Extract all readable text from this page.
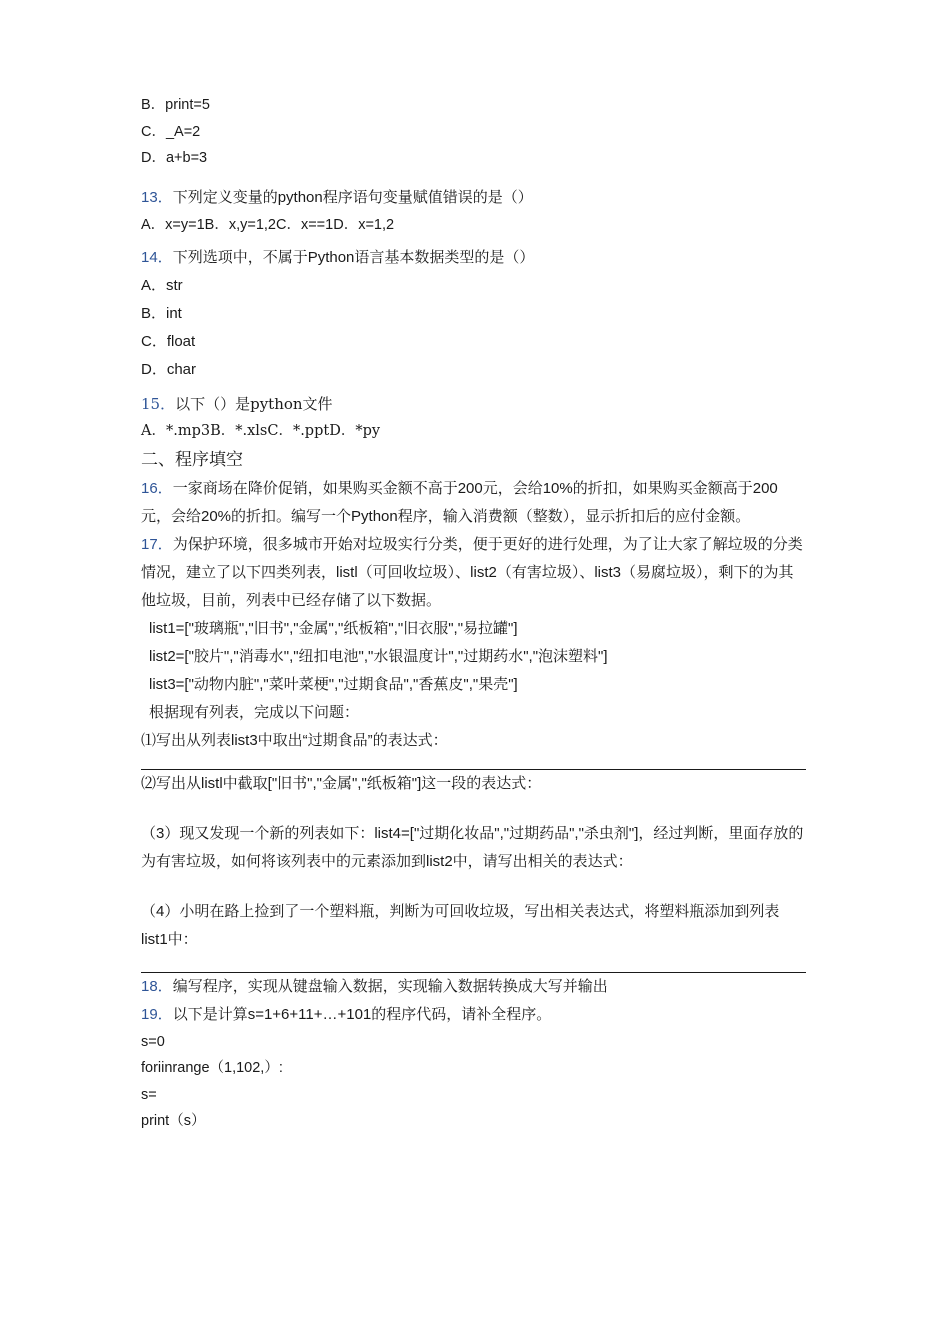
B．print=5
C．_A=2
D．a+b=3
13．下列定义变量的python程序语句变量赋值错误的是（）
A．x=y=1B．x,y=1,2C．x==1D．x=1,2
14．下列选项中，不属于Python语言基本数据类型的是（）
A．str
B．int
C．float
D．char
15．以下（）是python文件
A．*.mp3B．*.xlsC．*.pptD．*py
二、程序填空
16．一家商场在降价促销，如果购买金额不高于200元，会给10%的折扣，如果购买金额高于200元，会给20%的折扣。编写一个Python程序，输入消费额（整数），显示折扣后的应付金额。
17．为保护环境，很多城市开始对垃圾实行分类，便于更好的进行处理，为了让大家了解垃圾的分类情况，建立了以下四类列表，listl（可回收垃圾）、list2（有害垃圾）、list3（易腐垃圾），剩下的为其他垃圾，目前，列表中已经存储了以下数据。
list1=["玻璃瓶","旧书","金属","纸板箱","旧衣服","易拉罐"]
list2=["胶片","消毒水","纽扣电池","水银温度计","过期药水","泡沫塑料"]
list3=["动物内脏","菜叶菜梗","过期食品","香蕉皮","果壳"]
根据现有列表，完成以下问题：
⑴写出从列表list3中取出“过期食品”的表达式：
⑵写出从listl中截取["旧书","金属","纸板箱"]这一段的表达式：
（3）现又发现一个新的列表如下：list4=["过期化妆品","过期药品","杀虫剂"]，经过判断，里面存放的为有害垃圾，如何将该列表中的元素添加到list2中，请写出相关的表达式：
（4）小明在路上捡到了一个塑料瓶，判断为可回收垃圾，写出相关表达式，将塑料瓶添加到列表list1中：
18．编写程序，实现从键盘输入数据，实现输入数据转换成大写并输出
19．以下是计算s=1+6+11+…+101的程序代码，请补全程序。
s=0
foriinrange（1,102,）:
s=
print（s）
